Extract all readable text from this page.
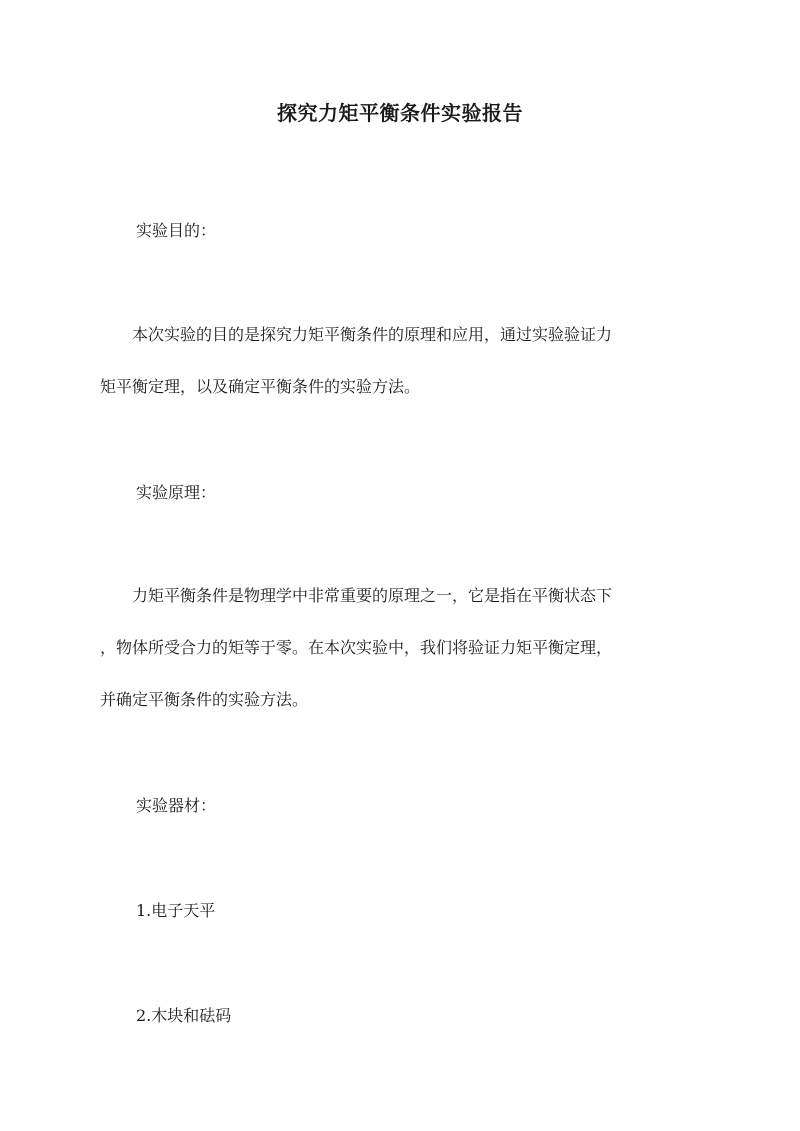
探究力矩平衡条件实验报告
实验目的：
　　本次实验的目的是探究力矩平衡条件的原理和应用，通过实验验证力
矩平衡定理，以及确定平衡条件的实验方法。
实验原理：
　　力矩平衡条件是物理学中非常重要的原理之一，它是指在平衡状态下
，物体所受合力的矩等于零。在本次实验中，我们将验证力矩平衡定理，
并确定平衡条件的实验方法。
实验器材：
1.电子天平
2.木块和砝码
